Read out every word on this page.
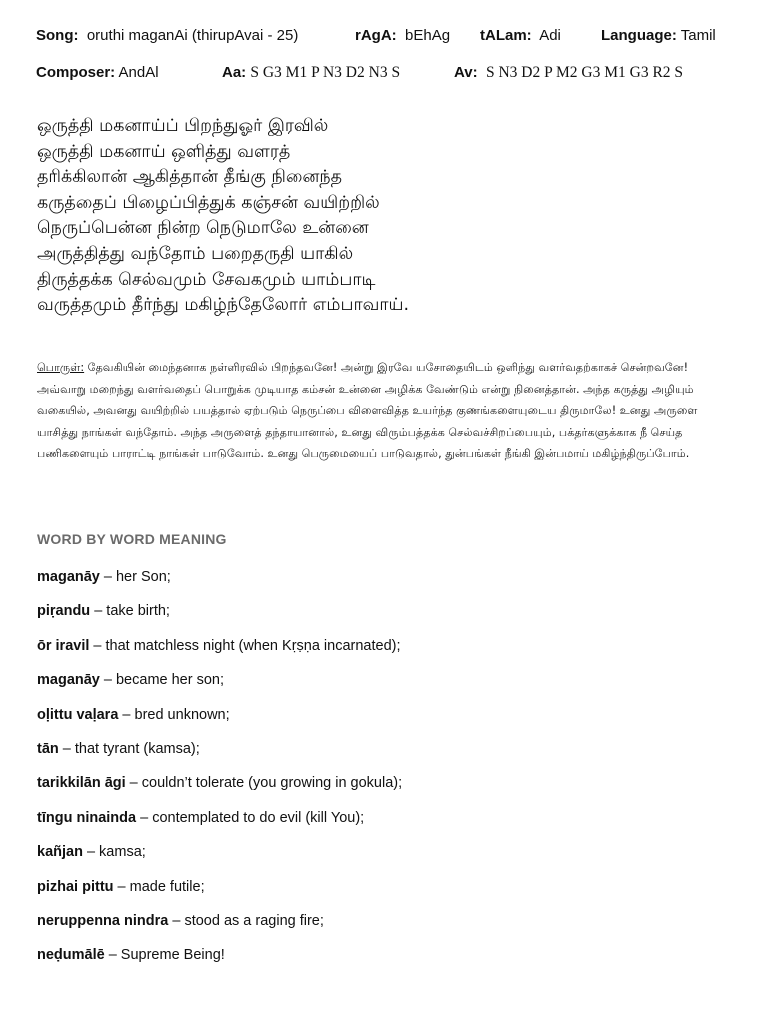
Song: oruthi maganAi (thirupAvai - 25)	rAgA: bEhAg tALam: Adi	Language: Tamil
Composer: AndAl	Aa: S G3 M1 P N3 D2 N3 S	Av: S N3 D2 P M2 G3 M1 G3 R2 S
ஒருத்தி மகனாய்ப் பிறந்துஓர் இரவில்
ஒருத்தி மகனாய் ஒளித்து வளரத்
தரிக்கிலான் ஆகித்தான் தீங்கு நினைந்த
கருத்தைப் பிழைப்பித்துக் கஞ்சன் வயிற்றில்
நெருப்பென்ன நின்ற நெடுமாலே உன்னை
அருத்தித்து வந்தோம் பறைதருதி யாகில்
திருத்தக்க செல்வமும் சேவகமும் யாம்பாடி
வருத்தமும் தீர்ந்து மகிழ்ந்தேலோர் எம்பாவாய்.
பொருள்: தேவகியின் மைந்தனாக நள்ளிரவில் பிறந்தவனே! அன்று இரவே யசோதையிடம் ஒளிந்து வளர்வதற்காகச் சென்றவனே! அவ்வாறு மறைந்து வளர்வதைப் பொறுக்க முடியாத கம்சன் உன்னை அழிக்க வேண்டும் என்று நினைத்தான். அந்த கருத்து அழியும் வகையில், அவனது வயிற்றில் பயத்தால் ஏற்படும் நெருப்பை விளைவித்த உயர்ந்த குணங்களையுடைய திருமாலே! உனது அருளை யாசித்து நாங்கள் வந்தோம். அந்த அருளைத் தந்தாயானால், உனது விரும்பத்தக்க செல்வச்சிறப்பையும், பக்தர்களுக்காக நீ செய்த பணிகளையும் பாராட்டி நாங்கள் பாடுவோம். உனது பெருமையைப் பாடுவதால், துன்பங்கள் நீங்கி இன்பமாய் மகிழ்ந்திருப்போம்.
WORD BY WORD MEANING
maganāy – her Son;
piṛandu – take birth;
ōr iravil – that matchless night (when Kṛṣṇa incarnated);
maganāy – became her son;
oḷittu vaḷara – bred unknown;
tān – that tyrant (kamsa);
tarikkilān āgi – couldn’t tolerate (you growing in gokula);
tīngu ninainda – contemplated to do evil (kill You);
kañjan – kamsa;
pizhai pittu – made futile;
neruppenna nindra – stood as a raging fire;
neḍumālē – Supreme Being!
